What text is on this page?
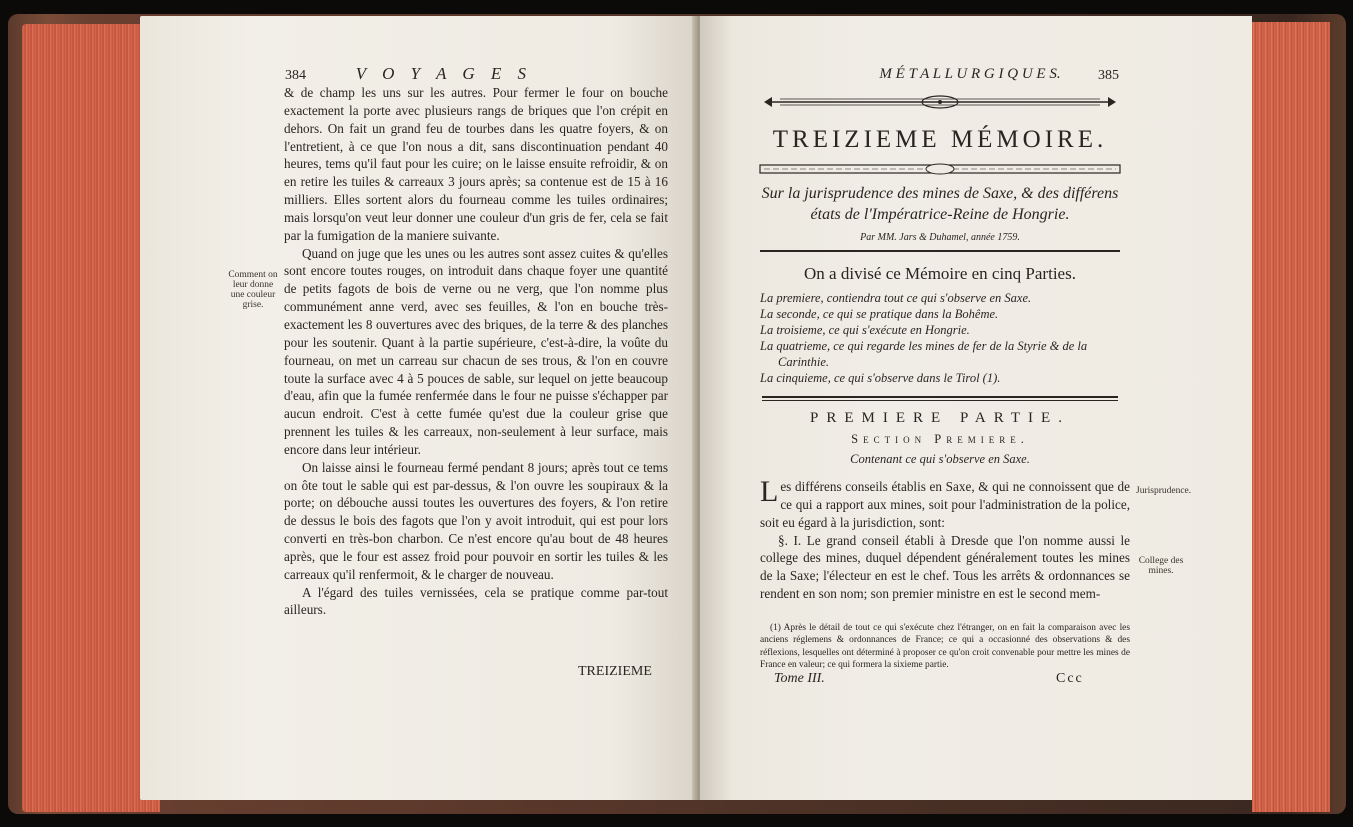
384	V O Y A G E S

& de champ les uns sur les autres. Pour fermer le four on bouche exactement la porte avec plusieurs rangs de briques que l'on crépit en dehors. On fait un grand feu de tourbes dans les quatre foyers, & on l'entretient, à ce que l'on nous a dit, sans discontinuation pendant 40 heures, tems qu'il faut pour les cuire; on le laisse ensuite refroidir, & on en retire les tuiles & carreaux 3 jours après; sa contenue est de 15 à 16 milliers. Elles sortent alors du fourneau comme les tuiles ordinaires; mais lorsqu'on veut leur donner une couleur d'un gris de fer, cela se fait par la fumigation de la maniere suivante.

Quand on juge que les unes ou les autres sont assez cuites & qu'elles sont encore toutes rouges, on introduit dans chaque foyer une quantité de petits fagots de bois de verne ou ne verg, que l'on nomme plus communément anne verd, avec ses feuilles, & l'on en bouche très-exactement les 8 ouvertures avec des briques, de la terre & des planches pour les soutenir. Quant à la partie supérieure, c'est-à-dire, la voûte du fourneau, on met un carreau sur chacun de ses trous, & l'on en couvre toute la surface avec 4 à 5 pouces de sable, sur lequel on jette beaucoup d'eau, afin que la fumée renfermée dans le four ne puisse s'échapper par aucun endroit. C'est à cette fumée qu'est due la couleur grise que prennent les tuiles & les carreaux, non-seulement à leur surface, mais encore dans leur intérieur.

On laisse ainsi le fourneau fermé pendant 8 jours; après tout ce tems on ôte tout le sable qui est par-dessus, & l'on ouvre les soupiraux & la porte; on débouche aussi toutes les ouvertures des foyers, & l'on retire de dessus le bois des fagots que l'on y avoit introduit, qui est pour lors converti en très-bon charbon. Ce n'est encore qu'au bout de 48 heures après, que le four est assez froid pour pouvoir en sortir les tuiles & les carreaux qu'il renfermoit, & le charger de nouveau.

A l'égard des tuiles vernissées, cela se pratique comme par-tout ailleurs.

Comment on leur donne une couleur grise.
TREIZIEME
M É T A L L U R G I Q U E S.	385
TREIZIEME MÉMOIRE.
Sur la jurisprudence des mines de Saxe, & des différens
états de l'Impératrice-Reine de Hongrie.
Par MM. Jars & Duhamel, année 1759.
On a divisé ce Mémoire en cinq Parties.
La premiere, contiendra tout ce qui s'observe en Saxe.
La seconde, ce qui se pratique dans la Bohême.
La troisieme, ce qui s'exécute en Hongrie.
La quatrieme, ce qui regarde les mines de fer de la Styrie & de la
Carinthie.
La cinquieme, ce qui s'observe dans le Tirol (1).
PREMIERE PARTIE.
Section Premiere.
Contenant ce qui s'observe en Saxe.

Les différens conseils établis en Saxe, & qui ne connoissent que de ce qui a rapport aux mines, soit pour l'administration de la police, soit eu égard à la jurisdiction, sont:

§. I. Le grand conseil établi à Dresde que l'on nomme aussi le college des mines, duquel dépendent généralement toutes les mines de la Saxe; l'électeur en est le chef. Tous les arrêts & ordonnances se rendent en son nom; son premier ministre en est le second mem-

Jurisprudence.
College des mines.

(1) Après le détail de tout ce qui s'exécute chez l'étranger, on en fait la comparaison avec les anciens réglemens & ordonnances de France; ce qui a occasionné des observations & des réflexions, lesquelles ont déterminé à proposer ce qu'on croit convenable pour mettre les mines de France en valeur; ce qui formera la sixieme partie.

Tome III.	Ccc
